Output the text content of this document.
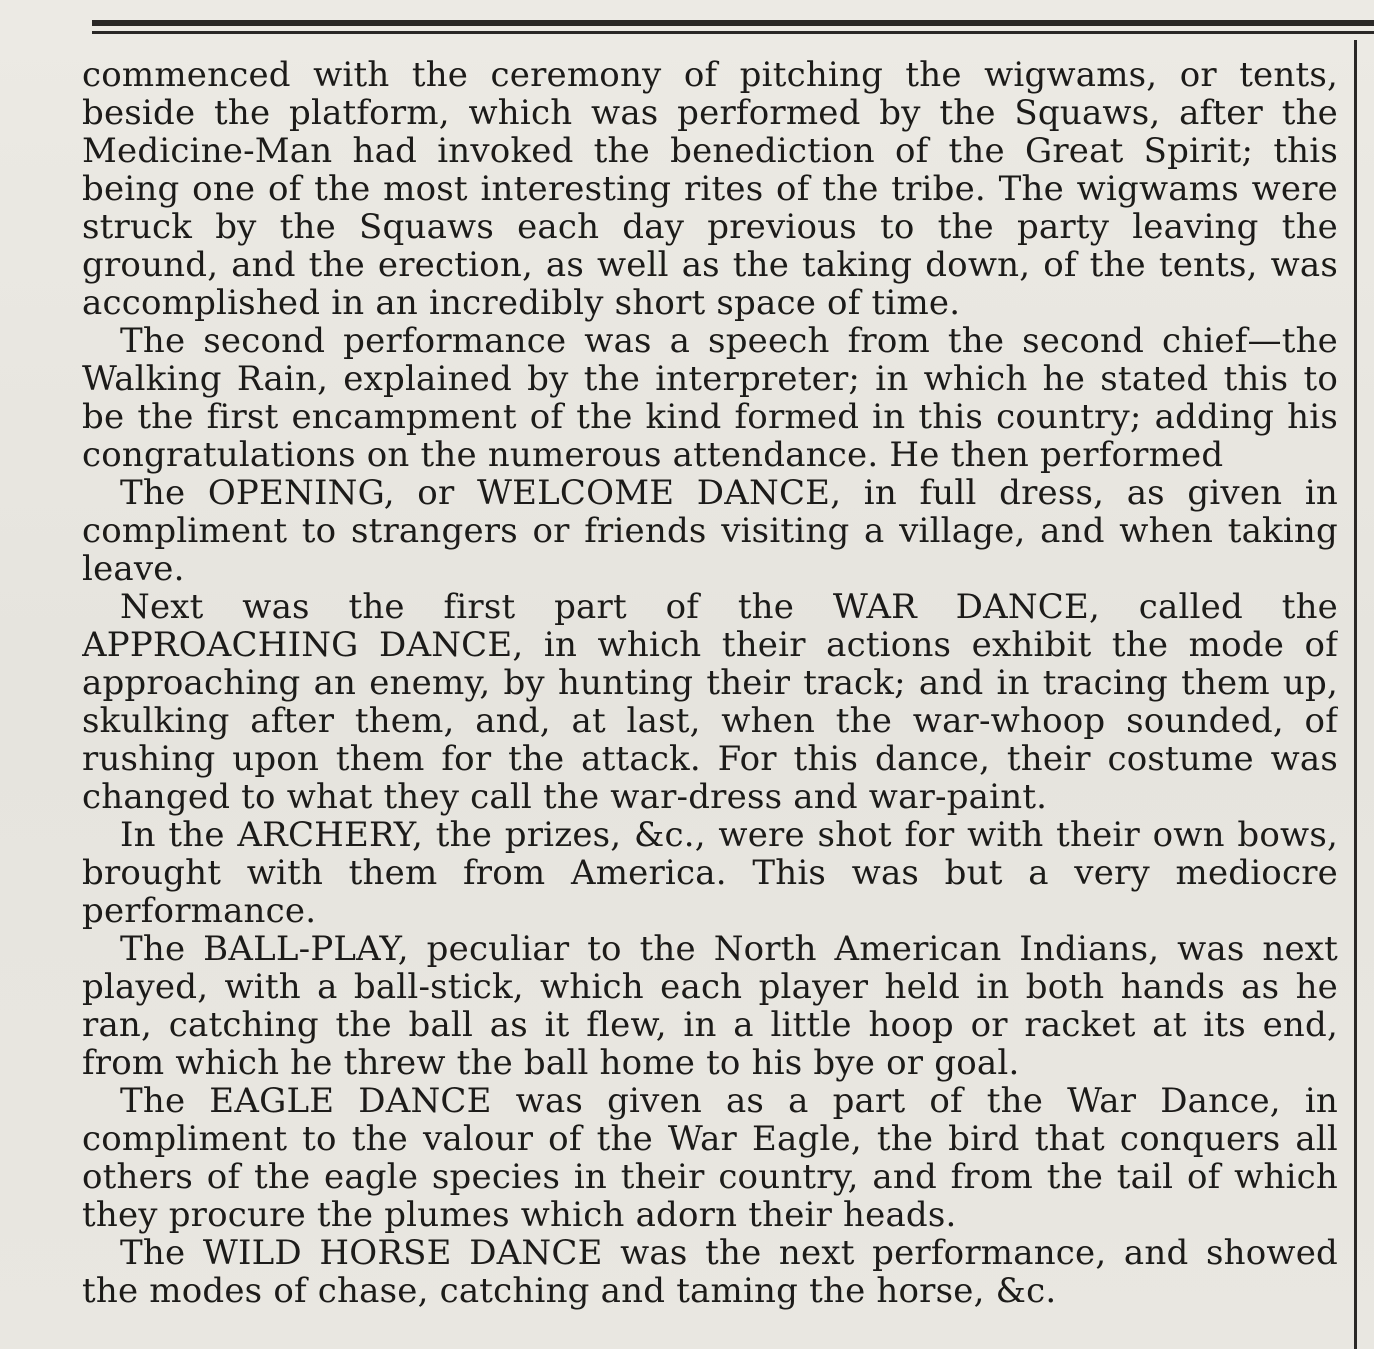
commenced with the ceremony of pitching the wigwams, or tents, beside the platform, which was performed by the Squaws, after the Medicine-Man had invoked the benediction of the Great Spirit; this being one of the most interesting rites of the tribe. The wigwams were struck by the Squaws each day previous to the party leaving the ground, and the erection, as well as the taking down, of the tents, was accomplished in an incredibly short space of time.

The second performance was a speech from the second chief—the Walking Rain, explained by the interpreter; in which he stated this to be the first encampment of the kind formed in this country; adding his congratulations on the numerous attendance. He then performed

The OPENING, or WELCOME DANCE, in full dress, as given in compliment to strangers or friends visiting a village, and when taking leave.

Next was the first part of the WAR DANCE, called the APPROACHING DANCE, in which their actions exhibit the mode of approaching an enemy, by hunting their track; and in tracing them up, skulking after them, and, at last, when the war-whoop sounded, of rushing upon them for the attack. For this dance, their costume was changed to what they call the war-dress and war-paint.

In the ARCHERY, the prizes, &c., were shot for with their own bows, brought with them from America. This was but a very mediocre performance.

The BALL-PLAY, peculiar to the North American Indians, was next played, with a ball-stick, which each player held in both hands as he ran, catching the ball as it flew, in a little hoop or racket at its end, from which he threw the ball home to his bye or goal.

The EAGLE DANCE was given as a part of the War Dance, in compliment to the valour of the War Eagle, the bird that conquers all others of the eagle species in their country, and from the tail of which they procure the plumes which adorn their heads.

The WILD HORSE DANCE was the next performance, and showed the modes of chase, catching and taming the horse, &c.
